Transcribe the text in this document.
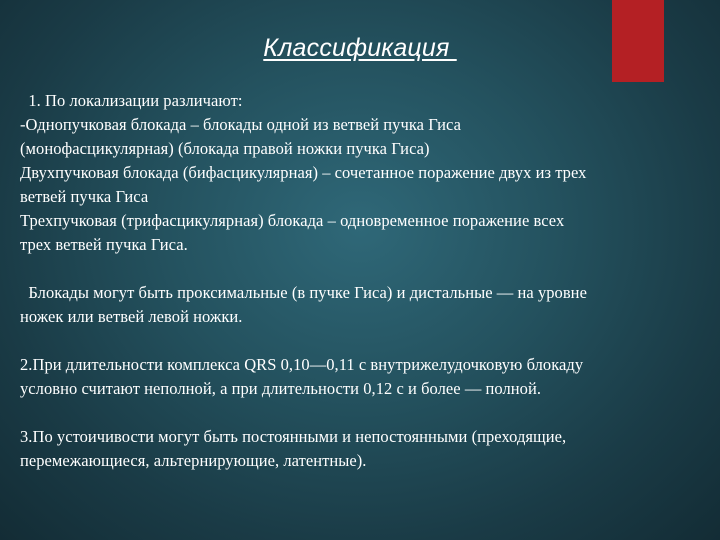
Классификация
1. По локализации различают:
-Однопучковая блокада – блокады одной из ветвей пучка Гиса
(монофасцикулярная) (блокада правой ножки пучка Гиса)
Двухпучковая блокада (бифасцикулярная) – сочетанное поражение двух из трех
ветвей пучка Гиса
Трехпучковая (трифасцикулярная) блокада – одновременное поражение всех
трех ветвей пучка Гиса.
Блокады могут быть проксимальные (в пучке Гиса) и дистальные — на уровне
ножек или ветвей левой ножки.
2.При длительности комплекса QRS 0,10—0,11 с внутрижелудочковую блокаду
условно считают неполной, а при длительности 0,12 с и более — полной.
3.По устоичивости могут быть постоянными и непостоянными (преходящие,
перемежающиеся, альтернирующие, латентные).
